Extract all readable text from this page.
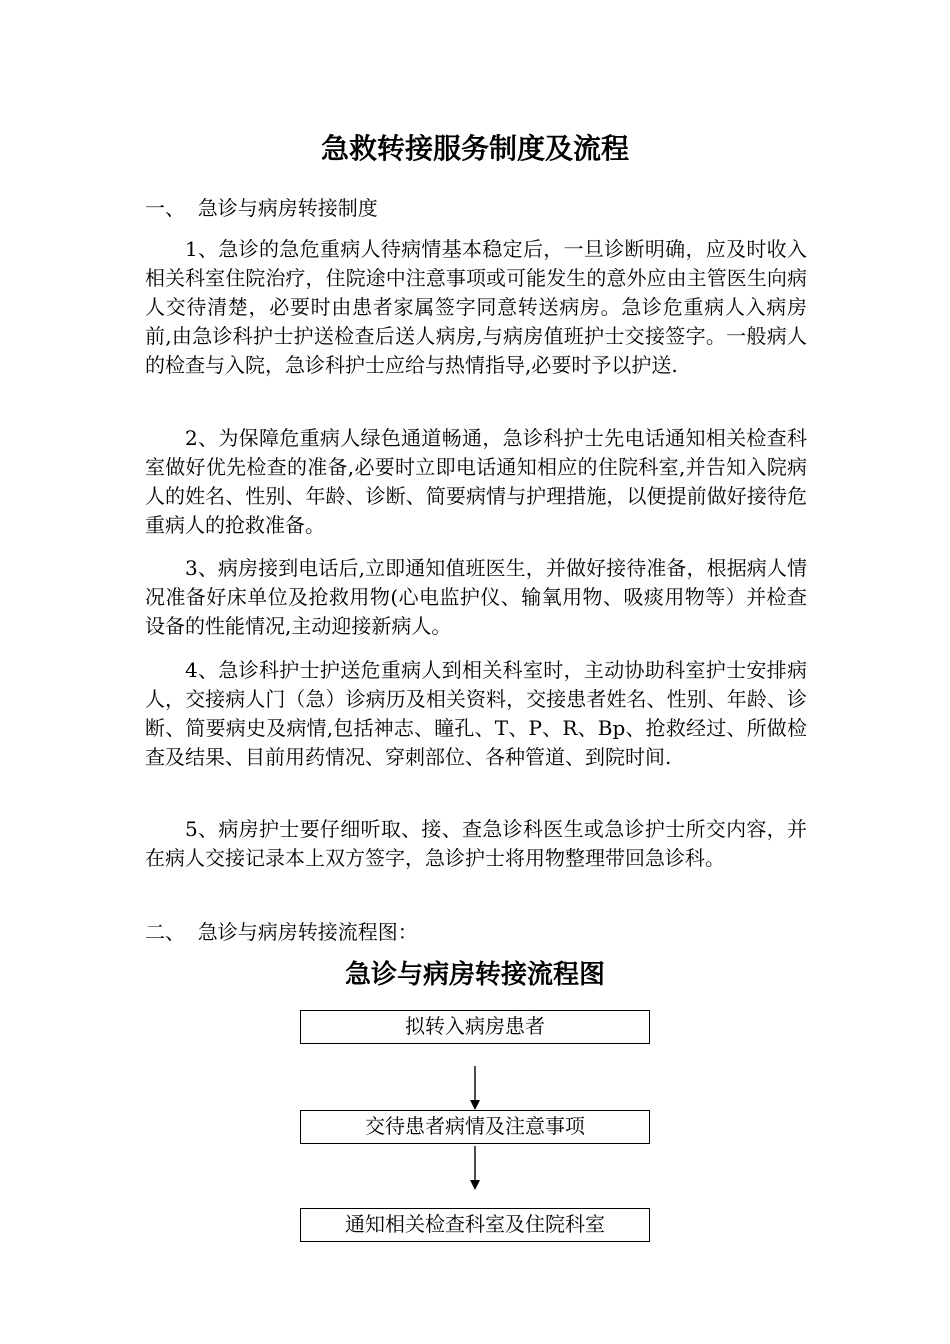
急救转接服务制度及流程
一、  急诊与病房转接制度
1、急诊的急危重病人待病情基本稳定后，一旦诊断明确，应及时收入相关科室住院治疗，住院途中注意事项或可能发生的意外应由主管医生向病人交待清楚，必要时由患者家属签字同意转送病房。急诊危重病人入病房前,由急诊科护士护送检查后送人病房,与病房值班护士交接签字。一般病人的检查与入院，急诊科护士应给与热情指导,必要时予以护送.
2、为保障危重病人绿色通道畅通，急诊科护士先电话通知相关检查科室做好优先检查的准备,必要时立即电话通知相应的住院科室,并告知入院病人的姓名、性别、年龄、诊断、简要病情与护理措施，以便提前做好接待危重病人的抢救准备。
3、病房接到电话后,立即通知值班医生，并做好接待准备，根据病人情况准备好床单位及抢救用物(心电监护仪、输氧用物、吸痰用物等）并检查设备的性能情况,主动迎接新病人。
4、急诊科护士护送危重病人到相关科室时，主动协助科室护士安排病人，交接病人门（急）诊病历及相关资料，交接患者姓名、性别、年龄、诊断、简要病史及病情,包括神志、瞳孔、T、P、R、Bp、抢救经过、所做检查及结果、目前用药情况、穿刺部位、各种管道、到院时间.
5、病房护士要仔细听取、接、查急诊科医生或急诊护士所交内容，并在病人交接记录本上双方签字，急诊护士将用物整理带回急诊科。
二、  急诊与病房转接流程图：
急诊与病房转接流程图
拟转入病房患者
交待患者病情及注意事项
通知相关检查科室及住院科室
